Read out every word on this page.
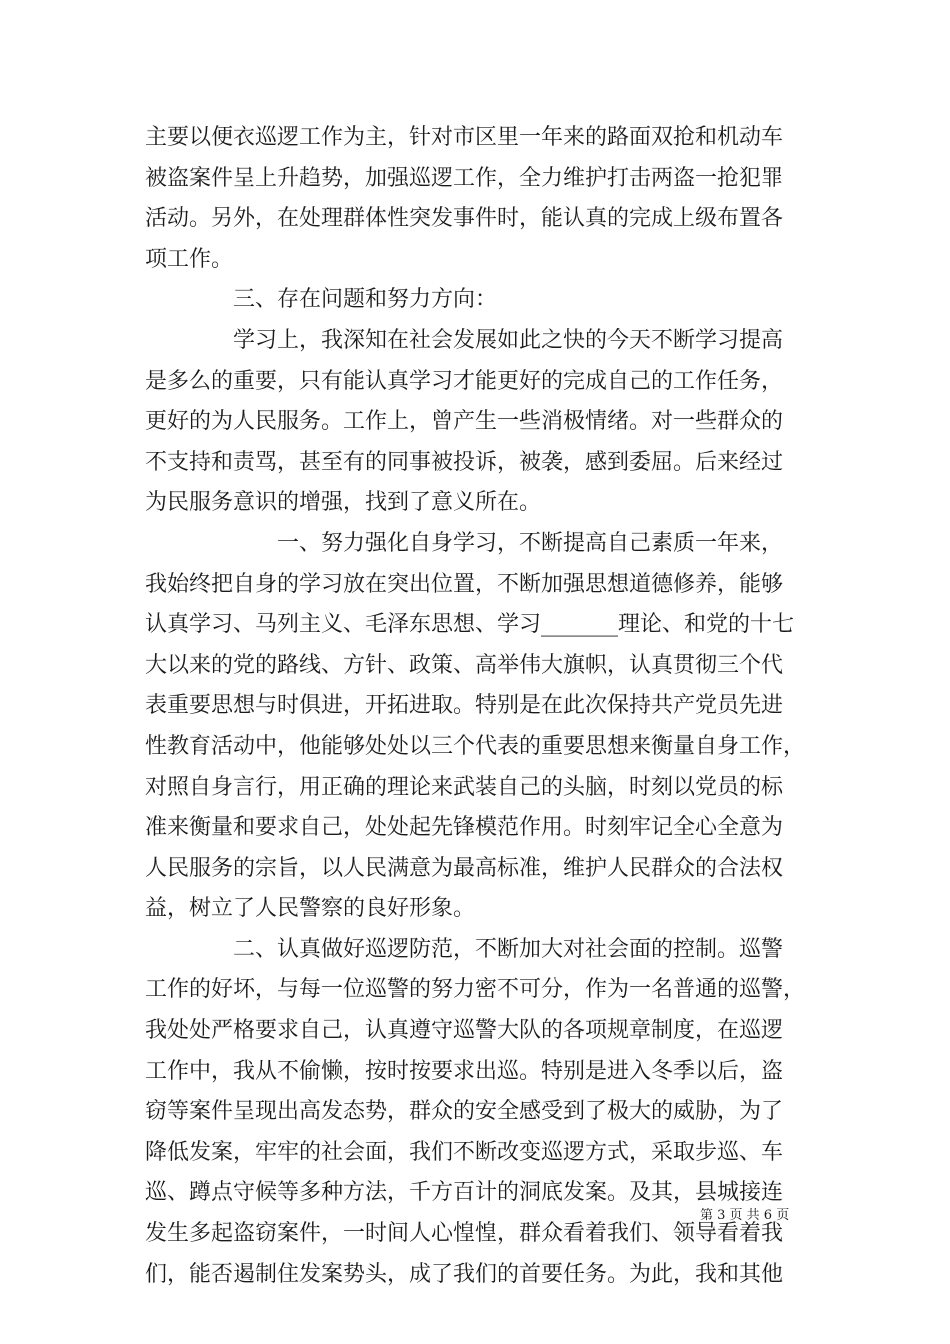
主要以便衣巡逻工作为主，针对市区里一年来的路面双抢和机动车
被盗案件呈上升趋势，加强巡逻工作，全力维护打击两盗一抢犯罪
活动。另外，在处理群体性突发事件时，能认真的完成上级布置各
项工作。
　　　　三、存在问题和努力方向：
　　　　学习上，我深知在社会发展如此之快的今天不断学习提高
是多么的重要，只有能认真学习才能更好的完成自己的工作任务，
更好的为人民服务。工作上，曾产生一些消极情绪。对一些群众的
不支持和责骂，甚至有的同事被投诉，被袭，感到委屈。后来经过
为民服务意识的增强，找到了意义所在。
　　　　　　一、努力强化自身学习，不断提高自己素质一年来，
我始终把自身的学习放在突出位置，不断加强思想道德修养，能够
认真学习、马列主义、毛泽东思想、学习_______理论、和党的十七
大以来的党的路线、方针、政策、高举伟大旗帜，认真贯彻三个代
表重要思想与时俱进，开拓进取。特别是在此次保持共产党员先进
性教育活动中，他能够处处以三个代表的重要思想来衡量自身工作，
对照自身言行，用正确的理论来武装自己的头脑，时刻以党员的标
准来衡量和要求自己，处处起先锋模范作用。时刻牢记全心全意为
人民服务的宗旨，以人民满意为最高标准，维护人民群众的合法权
益，树立了人民警察的良好形象。
　　　　二、认真做好巡逻防范，不断加大对社会面的控制。巡警
工作的好坏，与每一位巡警的努力密不可分，作为一名普通的巡警，
我处处严格要求自己，认真遵守巡警大队的各项规章制度，在巡逻
工作中，我从不偷懒，按时按要求出巡。特别是进入冬季以后，盗
窃等案件呈现出高发态势，群众的安全感受到了极大的威胁，为了
降低发案，牢牢的社会面，我们不断改变巡逻方式，采取步巡、车
巡、蹲点守候等多种方法，千方百计的洞底发案。及其，县城接连
发生多起盗窃案件，一时间人心惶惶，群众看着我们、领导看着我
们，能否遏制住发案势头，成了我们的首要任务。为此，我和其他
第 3 页 共 6 页
